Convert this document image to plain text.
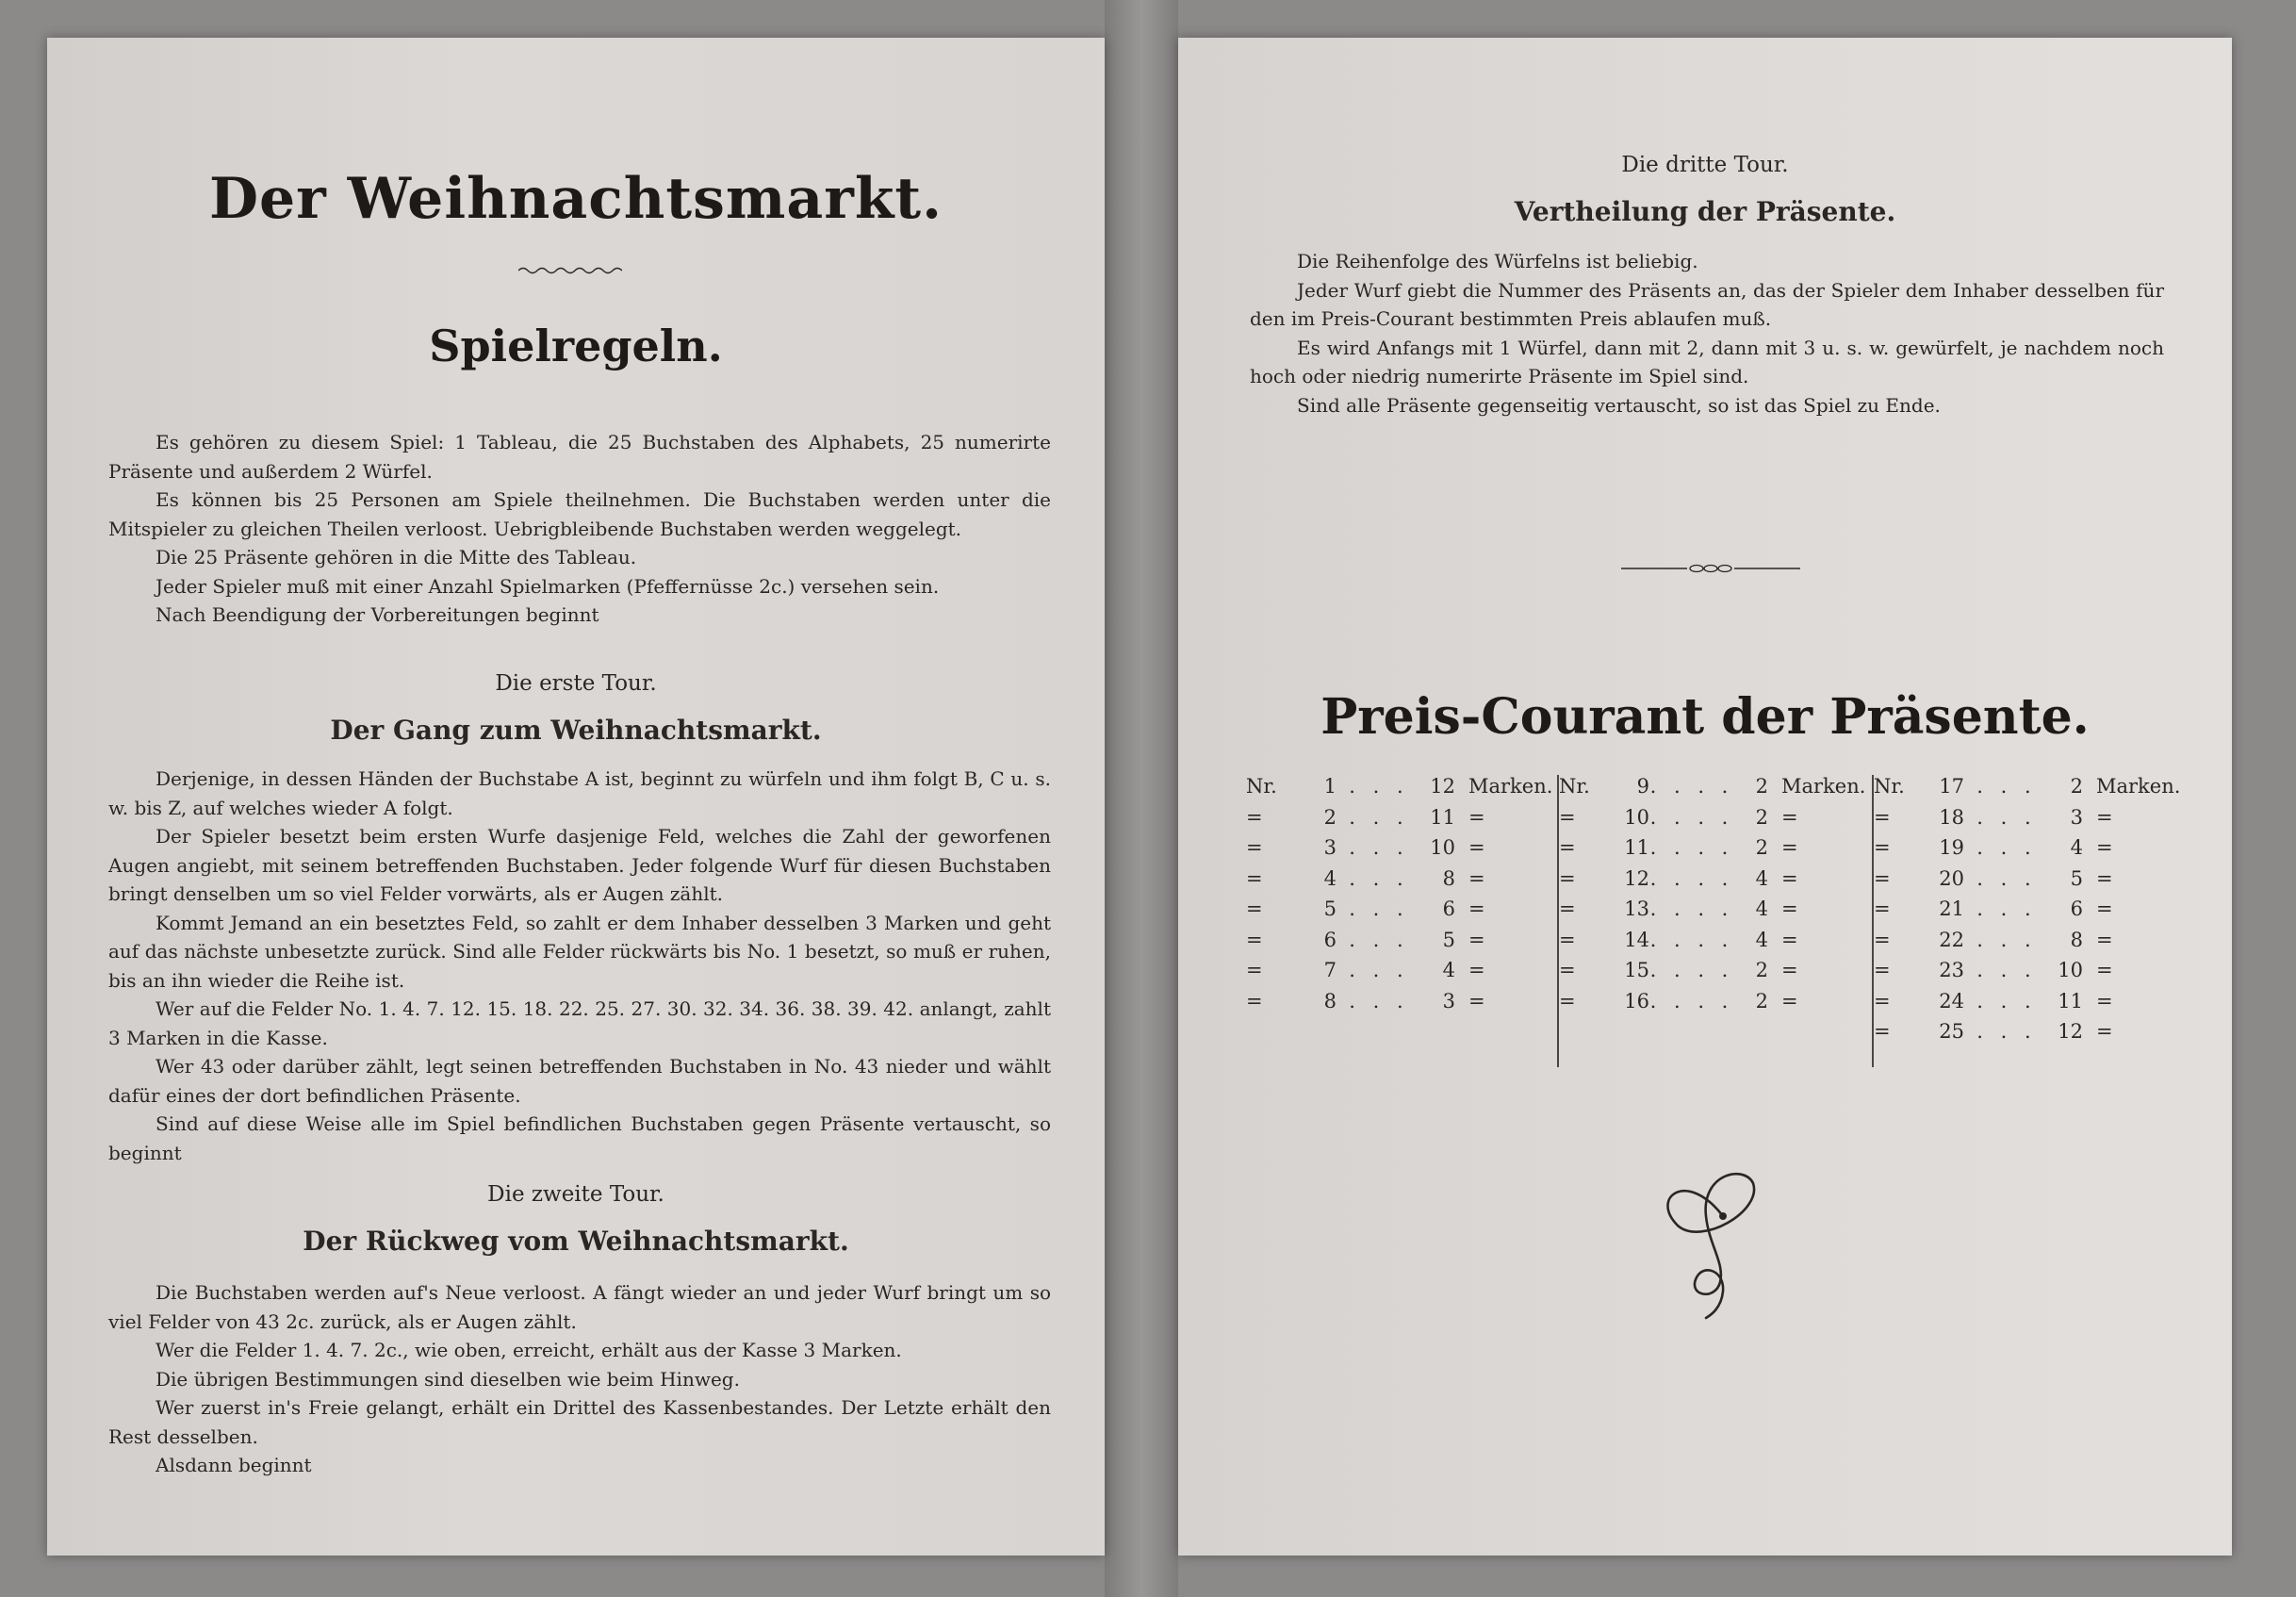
Der Weihnachtsmarkt.
Spielregeln.

Es gehören zu diesem Spiel: 1 Tableau, die 25 Buchstaben des Alphabets, 25 numerirte Präsente und außerdem 2 Würfel.

Es können bis 25 Personen am Spiele theilnehmen. Die Buchstaben werden unter die Mitspieler zu gleichen Theilen verloost. Uebrigbleibende Buchstaben werden weggelegt.

Die 25 Präsente gehören in die Mitte des Tableau.

Jeder Spieler muß mit einer Anzahl Spielmarken (Pfeffernüsse 2c.) versehen sein.

Nach Beendigung der Vorbereitungen beginnt

Die erste Tour.
Der Gang zum Weihnachtsmarkt.

Derjenige, in dessen Händen der Buchstabe A ist, beginnt zu würfeln und ihm folgt B, C u. s. w. bis Z, auf welches wieder A folgt.

Der Spieler besetzt beim ersten Wurfe dasjenige Feld, welches die Zahl der geworfenen Augen angiebt, mit seinem betreffenden Buchstaben. Jeder folgende Wurf für diesen Buchstaben bringt denselben um so viel Felder vorwärts, als er Augen zählt.

Kommt Jemand an ein besetztes Feld, so zahlt er dem Inhaber desselben 3 Marken und geht auf das nächste unbesetzte zurück. Sind alle Felder rückwärts bis No. 1 besetzt, so muß er ruhen, bis an ihn wieder die Reihe ist.

Wer auf die Felder No. 1. 4. 7. 12. 15. 18. 22. 25. 27. 30. 32. 34. 36. 38. 39. 42. anlangt, zahlt 3 Marken in die Kasse.

Wer 43 oder darüber zählt, legt seinen betreffenden Buchstaben in No. 43 nieder und wählt dafür eines der dort befindlichen Präsente.

Sind auf diese Weise alle im Spiel befindlichen Buchstaben gegen Präsente vertauscht, so beginnt

Die zweite Tour.
Der Rückweg vom Weihnachtsmarkt.

Die Buchstaben werden auf's Neue verloost. A fängt wieder an und jeder Wurf bringt um so viel Felder von 43 2c. zurück, als er Augen zählt.

Wer die Felder 1. 4. 7. 2c., wie oben, erreicht, erhält aus der Kasse 3 Marken.

Die übrigen Bestimmungen sind dieselben wie beim Hinweg.

Wer zuerst in's Freie gelangt, erhält ein Drittel des Kassenbestandes. Der Letzte erhält den Rest desselben.

Alsdann beginnt

Die dritte Tour.
Vertheilung der Präsente.

Die Reihenfolge des Würfelns ist beliebig.

Jeder Wurf giebt die Nummer des Präsents an, das der Spieler dem Inhaber desselben für den im Preis-Courant bestimmten Preis ablaufen muß.

Es wird Anfangs mit 1 Würfel, dann mit 2, dann mit 3 u. s. w. gewürfelt, je nachdem noch hoch oder niedrig numerirte Präsente im Spiel sind.

Sind alle Präsente gegenseitig vertauscht, so ist das Spiel zu Ende.

Preis-Courant der Präsente.
Nr. 1 . . . 12 Marken.
=	2 . . . 11 =
=	3 . . . 10 =
=	4 . . . 8 =
=	5 . . . 6 =
=	6 . . . 5 =
=	7 . . . 4 =
=	8 . . . 3 =
Nr. 9. . . . 2 Marken.
= 10. . . . 2 =
= 11. . . . 2 =
= 12. . . . 4 =
= 13. . . . 4 =
= 14. . . . 4 =
= 15. . . . 2 =
= 16. . . . 2 =
Nr. 17 . . . 2 Marken.
= 18 . . . 3 =
= 19 . . . 4 =
= 20 . . . 5 =
= 21 . . . 6 =
= 22 . . . 8 =
= 23 . . . 10 =
= 24 . . . 11 =
= 25 . . . 12 =
